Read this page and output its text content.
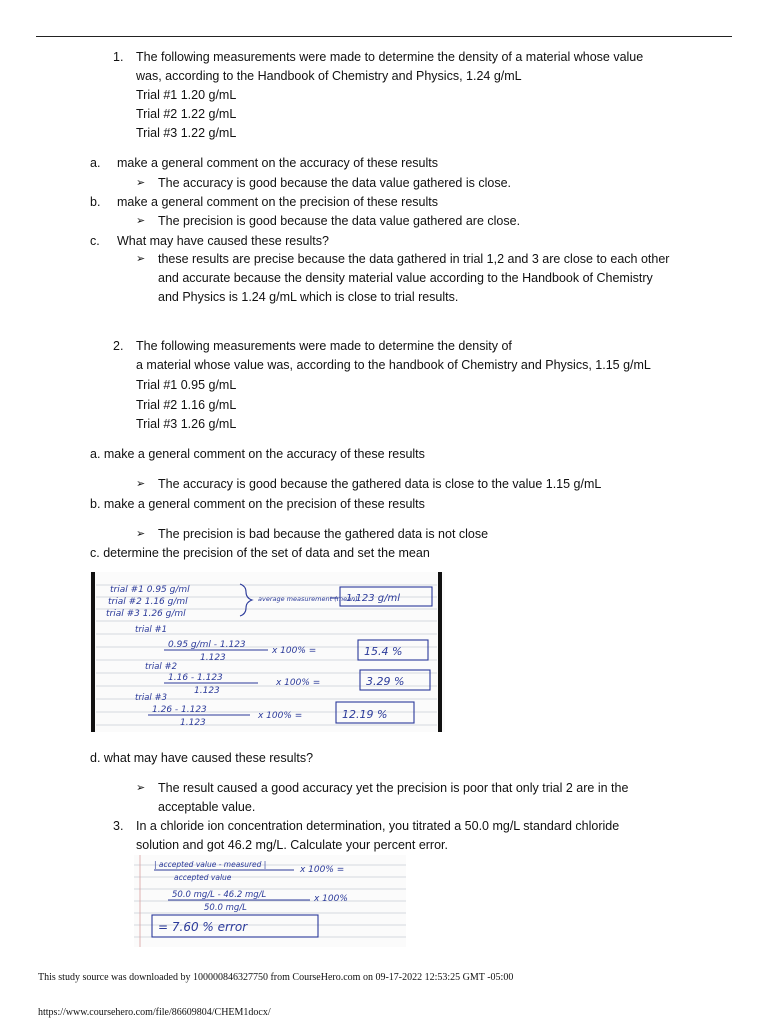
1. The following measurements were made to determine the density of a material whose value
was, according to the Handbook of Chemistry and Physics, 1.24 g/mL
Trial #1 1.20 g/mL
Trial #2 1.22 g/mL
Trial #3 1.22 g/mL
a. make a general comment on the accuracy of these results
➢ The accuracy is good because the data value gathered is close.
b. make a general comment on the precision of these results
➢ The precision is good because the data value gathered are close.
c. What may have caused these results?
➢ these results are precise because the data gathered in trial 1,2 and 3 are close to each other
and accurate because the density material value according to the Handbook of Chemistry
and Physics is 1.24 g/mL which is close to trial results.
2. The following measurements were made to determine the density of
a material whose value was, according to the handbook of Chemistry and Physics, 1.15 g/mL
Trial #1 0.95 g/mL
Trial #2 1.16 g/mL
Trial #3 1.26 g/mL
a. make a general comment on the accuracy of these results
➢ The accuracy is good because the gathered data is close to the value 1.15 g/mL
b. make a general comment on the precision of these results
➢ The precision is bad because the gathered data is not close
c. determine the precision of the set of data and set the mean
trial #1 0.95 g/ml
trial #2 1.16 g/ml
trial #3 1.26 g/ml
average measurement (mean)
1.123 g/ml
trial #1
0.95 g/ml - 1.123
1.123
x 100% =	15.4 %
trial #2
1.16 - 1.123
1.123
x 100% =	3.29 %
trial #3
1.26 - 1.123
1.123
x 100% =	12.19 %
d. what may have caused these results?
➢ The result caused a good accuracy yet the precision is poor that only trial 2 are in the
acceptable value.
3. In a chloride ion concentration determination, you titrated a 50.0 mg/L standard chloride
solution and got 46.2 mg/L. Calculate your percent error.
| accepted value - measured |
accepted value
x 100% =
50.0 mg/L - 46.2 mg/L
50.0 mg/L
x 100%
= 7.60 % error
This study source was downloaded by 100000846327750 from CourseHero.com on 09-17-2022 12:53:25 GMT -05:00
https://www.coursehero.com/file/86609804/CHEM1docx/
